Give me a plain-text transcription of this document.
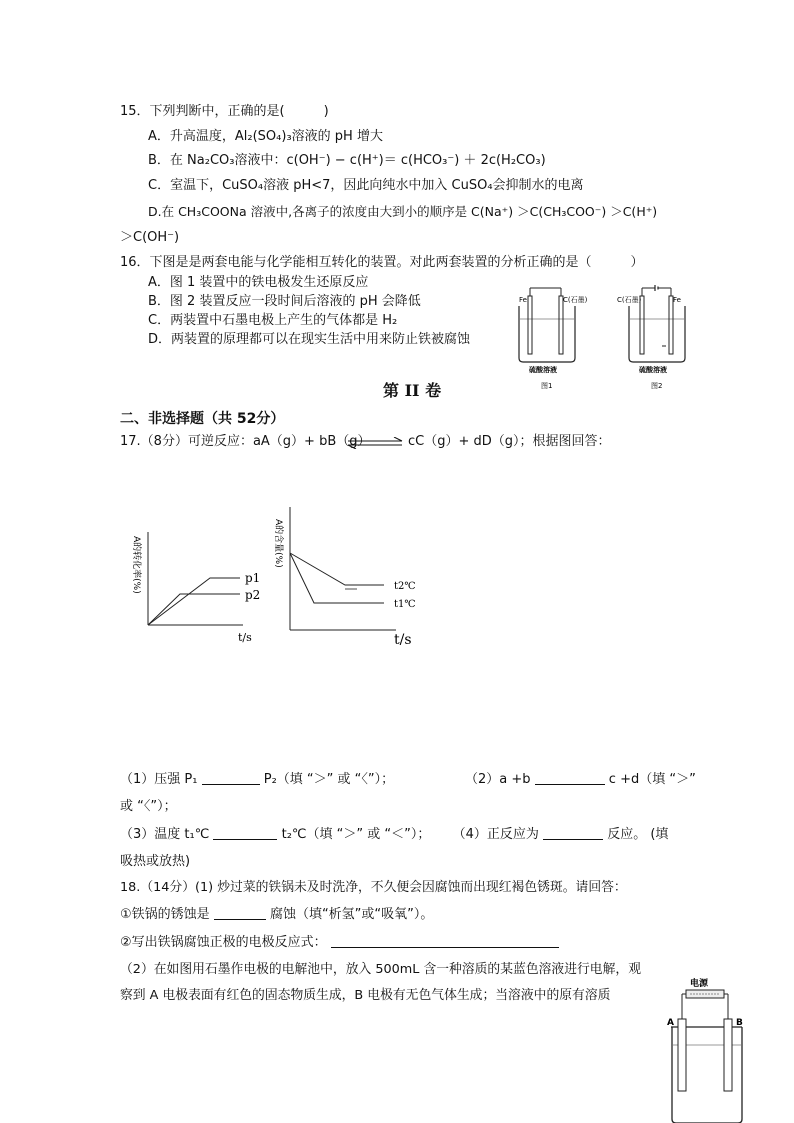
15．下列判断中，正确的是(　　　)
A．升高温度，Al₂(SO₄)₃溶液的 pH 增大
B．在 Na₂CO₃溶液中：c(OH⁻) − c(H⁺)＝ c(HCO₃⁻) ＋ 2c(H₂CO₃)
C．室温下，CuSO₄溶液 pH<7，因此向纯水中加入 CuSO₄会抑制水的电离
D.在 CH₃COONa 溶液中,各离子的浓度由大到小的顺序是 C(Na⁺) ＞C(CH₃COO⁻) ＞C(H⁺)
＞C(OH⁻)
16．下图是是两套电能与化学能相互转化的装置。对此两套装置的分析正确的是（　　　）
A．图 1 装置中的铁电极发生还原反应
B．图 2 装置反应一段时间后溶液的 pH 会降低
C．两装置中石墨电极上产生的气体都是 H₂
D．两装置的原理都可以在现实生活中用来防止铁被腐蚀
Fe	C(石墨)
硫酸溶液
图1
C(石墨)	Fe
硫酸溶液
图2
第 II 卷
二、非选择题（共 52分）
17.（8分）可逆反应：aA（g）+ bB（g） ⇌ cC（g）+ dD（g）；根据图回答：
p1
p2
t/s
A的转化率(%)	t2℃
t1℃
t/s
A的含量(%)
（1）压强 P₁	P₂（填 “＞” 或 “〈”）；	（2）a +b	c +d（填 “＞”
或 “〈”）；
（3）温度 t₁℃	t₂℃（填 “＞” 或 “＜”）； （4）正反应为	反应。 (填
吸热或放热)
18.（14分）(1) 炒过菜的铁锅未及时洗净，不久便会因腐蚀而出现红褐色锈斑。请回答：
①铁锅的锈蚀是	腐蚀（填“析氢”或“吸氧”）。
②写出铁锅腐蚀正极的电极反应式：
（2）在如图用石墨作电极的电解池中，放入 500mL 含一种溶质的某蓝色溶液进行电解，观
察到 A 电极表面有红色的固态物质生成，B 电极有无色气体生成；当溶液中的原有溶质
电源
A	B
